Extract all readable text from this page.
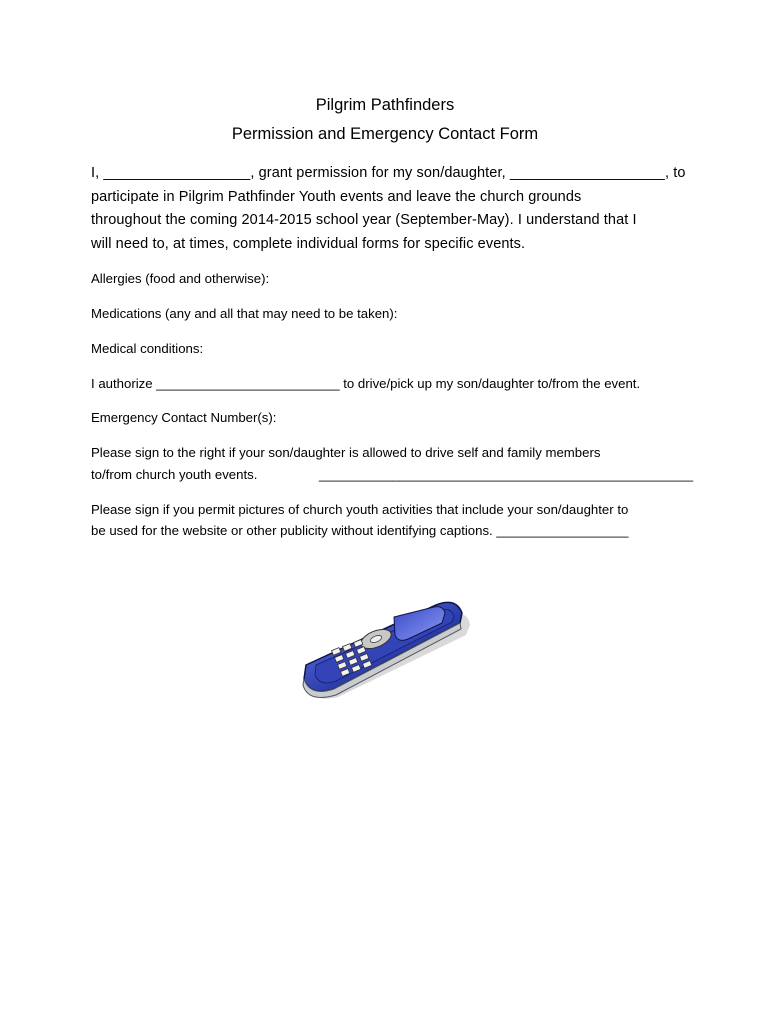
Pilgrim Pathfinders
Permission and Emergency Contact Form
I, __________________, grant permission for my son/daughter, ___________________, to
participate in Pilgrim Pathfinder Youth events and leave the church grounds
throughout the coming 2014-2015 school year (September-May). I understand that I
will need to, at times, complete individual forms for specific events.
Allergies (food and otherwise):
Medications (any and all that may need to be taken):
Medical conditions:
I authorize _________________________ to drive/pick up my son/daughter to/from the event.
Emergency Contact Number(s):
Please sign to the right if your son/daughter is allowed to drive self and family members
to/from church youth events.	___________________________________________________
Please sign if you permit pictures of church youth activities that include your son/daughter to
be used for the website or other publicity without identifying captions. __________________
